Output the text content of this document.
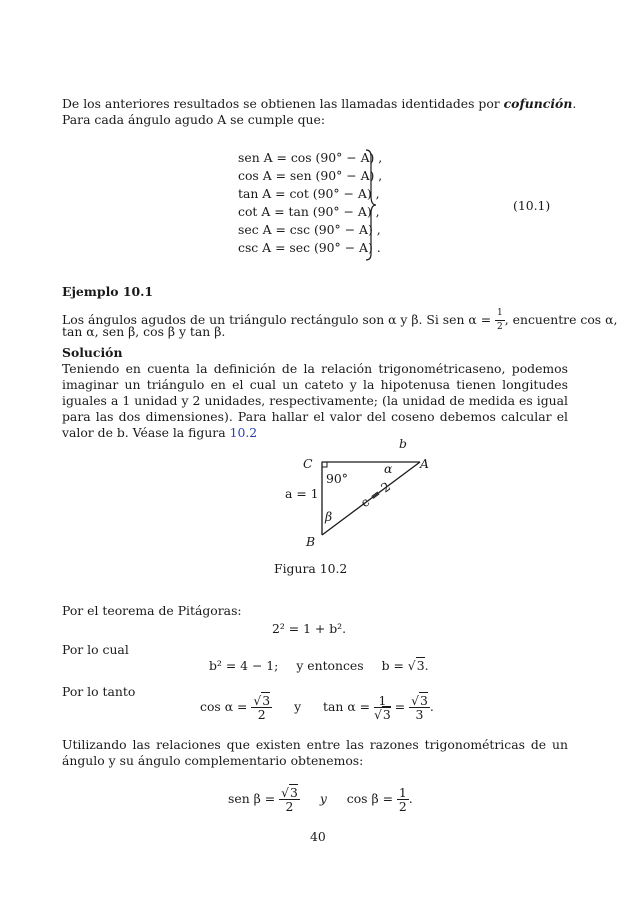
De los anteriores resultados se obtienen las llamadas identidades por cofunción.
Para cada ángulo agudo A se cumple que:
sen A = cos (90° − A) ,
cos A = sen (90° − A) ,
tan A = cot (90° − A) ,
cot A = tan (90° − A) ,
sec A = csc (90° − A) ,
csc A = sec (90° − A) .
(10.1)
Ejemplo 10.1
Los ángulos agudos de un triángulo rectángulo son α y β. Si sen $\alpha = \frac{1}{2}$ , encuentre cos α,
tan α, sen β, cos β y tan β.
Solución
Teniendo en cuenta la definición de la relación trigonométricaseno, podemos imaginar un triángulo en el cual un cateto y la hipotenusa tienen longitudes iguales a 1 unidad y 2 unidades, respectivamente; (la unidad de medida es igual para las dos dimensiones). Para hallar el valor del coseno debemos calcular el valor de b. Véase la figura 10.2
b
C	A
α
90°
a = 1	c = 2
β
B
Figura 10.2
Por el teorema de Pitágoras:
2² = 1 + b².
Por lo cual
b² = 4 − 1; y entonces b = √3.
Por lo tanto
$\cos \alpha = \frac{√3}{2}$ y $\tan \alpha = \frac{1}{√3} = \frac{√3}{3}$ .
Utilizando las relaciones que existen entre las razones trigonométricas de un ángulo y su ángulo complementario obtenemos:
sen $\beta = \frac{√3}{2}$ y $\cos \beta = \frac{1}{2}$ .
40
